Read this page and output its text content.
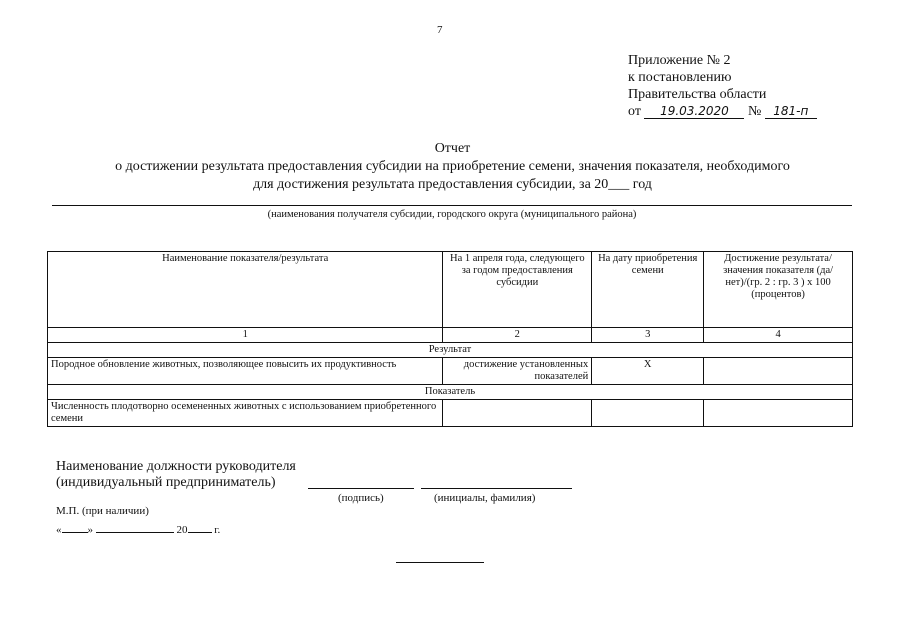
7
Приложение № 2
к постановлению
Правительства области
от 19.03.2020 № 181-п
Отчет
о достижении результата предоставления субсидии на приобретение семени, значения показателя, необходимого
для достижения результата предоставления субсидии, за 20___ год
(наименования получателя субсидии, городского округа (муниципального района)
Наименование показателя/результата	На 1 апреля года, следующего за годом предоставления субсидии	На дату приобретения семени	Достижение результата/значения показателя (да/нет)/(гр. 2 : гр. 3 ) х 100 (процентов)
1	2	3	4
Результат			
Породное обновление животных, позволяющее повысить их продуктивность	достижение установленных показателей	Х	
Показатель			
Численность плодотворно осемененных животных с использованием приобретенного семени			
Наименование должности руководителя
(индивидуальный предприниматель)
(подпись)	(инициалы, фамилия)
М.П. (при наличии)
« »	20 г.
